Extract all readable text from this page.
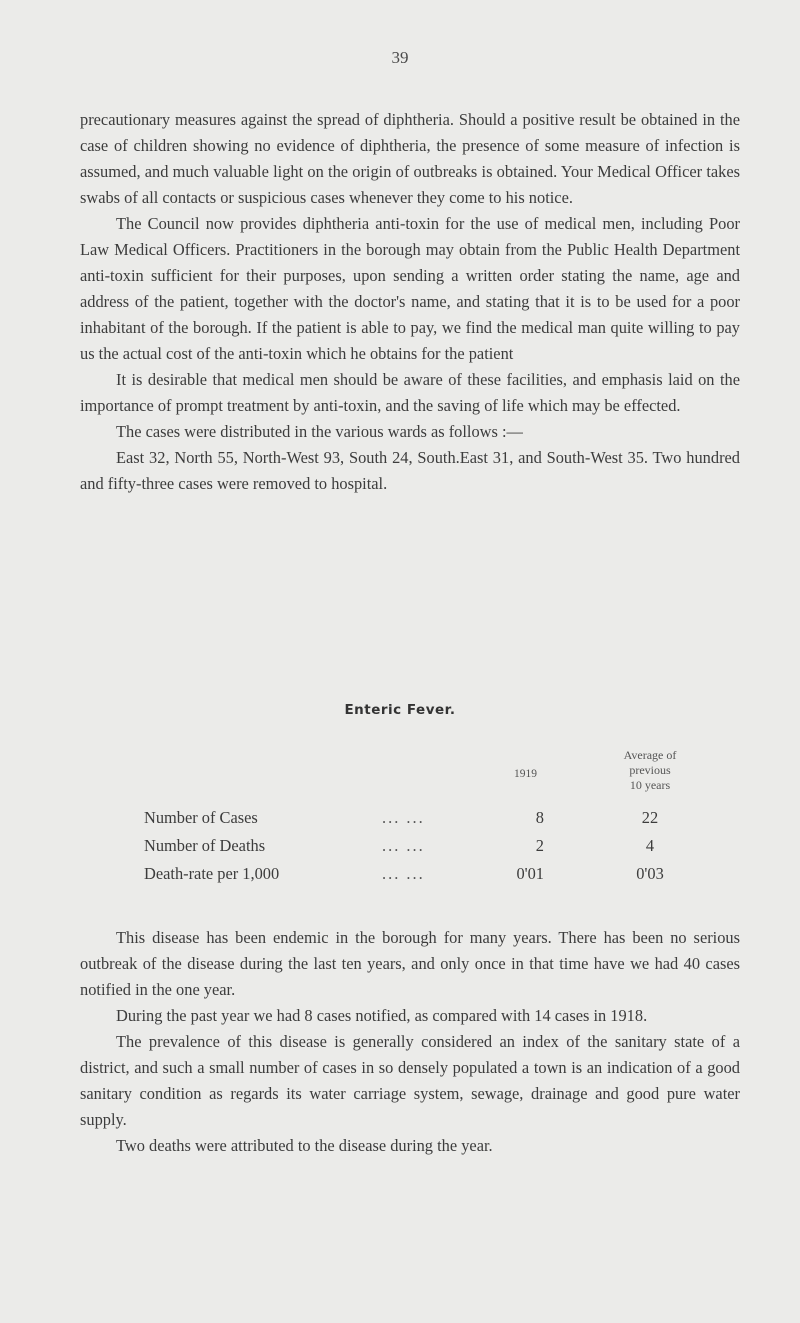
39

precautionary measures against the spread of diphtheria. Should a positive result be obtained in the case of children showing no evidence of diphtheria, the presence of some measure of infection is assumed, and much valuable light on the origin of outbreaks is obtained. Your Medical Officer takes swabs of all contacts or suspicious cases whenever they come to his notice.

The Council now provides diphtheria anti-toxin for the use of medical men, including Poor Law Medical Officers. Practitioners in the borough may obtain from the Public Health Department anti-toxin sufficient for their purposes, upon sending a written order stating the name, age and address of the patient, together with the doctor's name, and stating that it is to be used for a poor inhabitant of the borough. If the patient is able to pay, we find the medical man quite willing to pay us the actual cost of the anti-toxin which he obtains for the patient

It is desirable that medical men should be aware of these facilities, and emphasis laid on the importance of prompt treatment by anti-toxin, and the saving of life which may be effected.

The cases were distributed in the various wards as follows :—

East 32, North 55, North-West 93, South 24, South.East 31, and South-West 35. Two hundred and fifty-three cases were removed to hospital.

Enteric Fever.
1919
Average of
previous
10 years
Number of Cases	... ...	8	22
Number of Deaths	... ...	2	4
Death-rate per 1,000	... ...	0'01	0'03

This disease has been endemic in the borough for many years. There has been no serious outbreak of the disease during the last ten years, and only once in that time have we had 40 cases notified in the one year.

During the past year we had 8 cases notified, as compared with 14 cases in 1918.

The prevalence of this disease is generally considered an index of the sanitary state of a district, and such a small number of cases in so densely populated a town is an indication of a good sanitary condition as regards its water carriage system, sewage, drainage and good pure water supply.

Two deaths were attributed to the disease during the year.
